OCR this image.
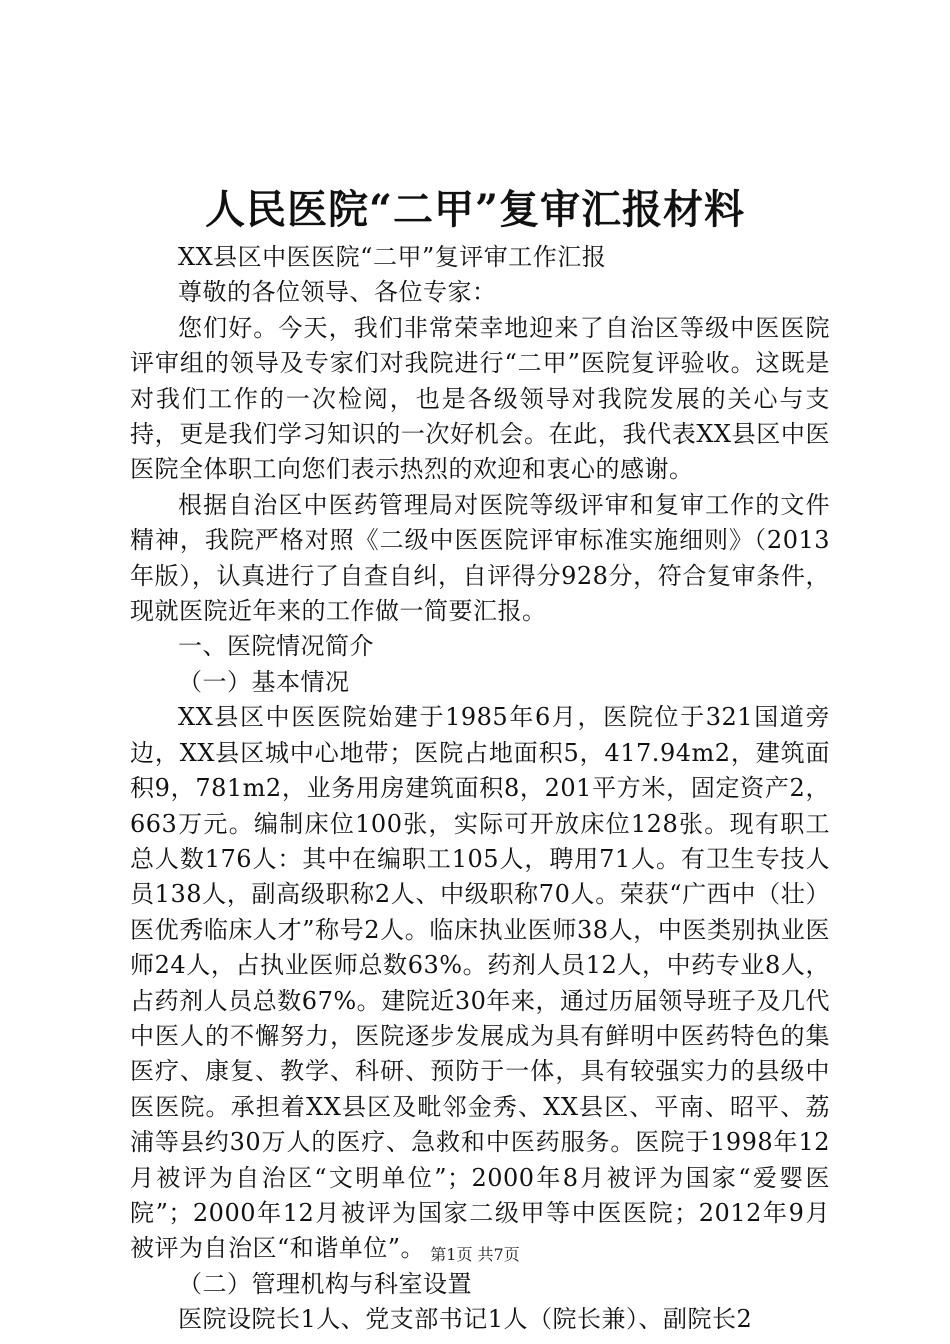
人民医院“二甲”复审汇报材料

XX县区中医医院“二甲”复评审工作汇报

尊敬的各位领导、各位专家：

您们好。今天，我们非常荣幸地迎来了自治区等级中医医院评审组的领导及专家们对我院进行“二甲”医院复评验收。这既是对我们工作的一次检阅，也是各级领导对我院发展的关心与支持，更是我们学习知识的一次好机会。在此，我代表XX县区中医医院全体职工向您们表示热烈的欢迎和衷心的感谢。

根据自治区中医药管理局对医院等级评审和复审工作的文件精神，我院严格对照《二级中医医院评审标准实施细则》（2013年版），认真进行了自查自纠，自评得分928分，符合复审条件，现就医院近年来的工作做一简要汇报。

一、医院情况简介

（一）基本情况

XX县区中医医院始建于1985年6月，医院位于321国道旁边，XX县区城中心地带；医院占地面积5，417.94m2，建筑面积9，781m2，业务用房建筑面积8，201平方米，固定资产2，663万元。编制床位100张，实际可开放床位128张。现有职工总人数176人：其中在编职工105人，聘用71人。有卫生专技人员138人，副高级职称2人、中级职称70人。荣获“广西中（壮）医优秀临床人才”称号2人。临床执业医师38人，中医类别执业医师24人，占执业医师总数63%。药剂人员12人，中药专业8人，占药剂人员总数67%。建院近30年来，通过历届领导班子及几代中医人的不懈努力，医院逐步发展成为具有鲜明中医药特色的集医疗、康复、教学、科研、预防于一体，具有较强实力的县级中医医院。承担着XX县区及毗邻金秀、XX县区、平南、昭平、荔浦等县约30万人的医疗、急救和中医药服务。医院于1998年12月被评为自治区“文明单位”；2000年8月被评为国家“爱婴医院”；2000年12月被评为国家二级甲等中医医院；2012年9月被评为自治区“和谐单位”。

（二）管理机构与科室设置

医院设院长1人、党支部书记1人（院长兼）、副院长2

第1页 共7页
